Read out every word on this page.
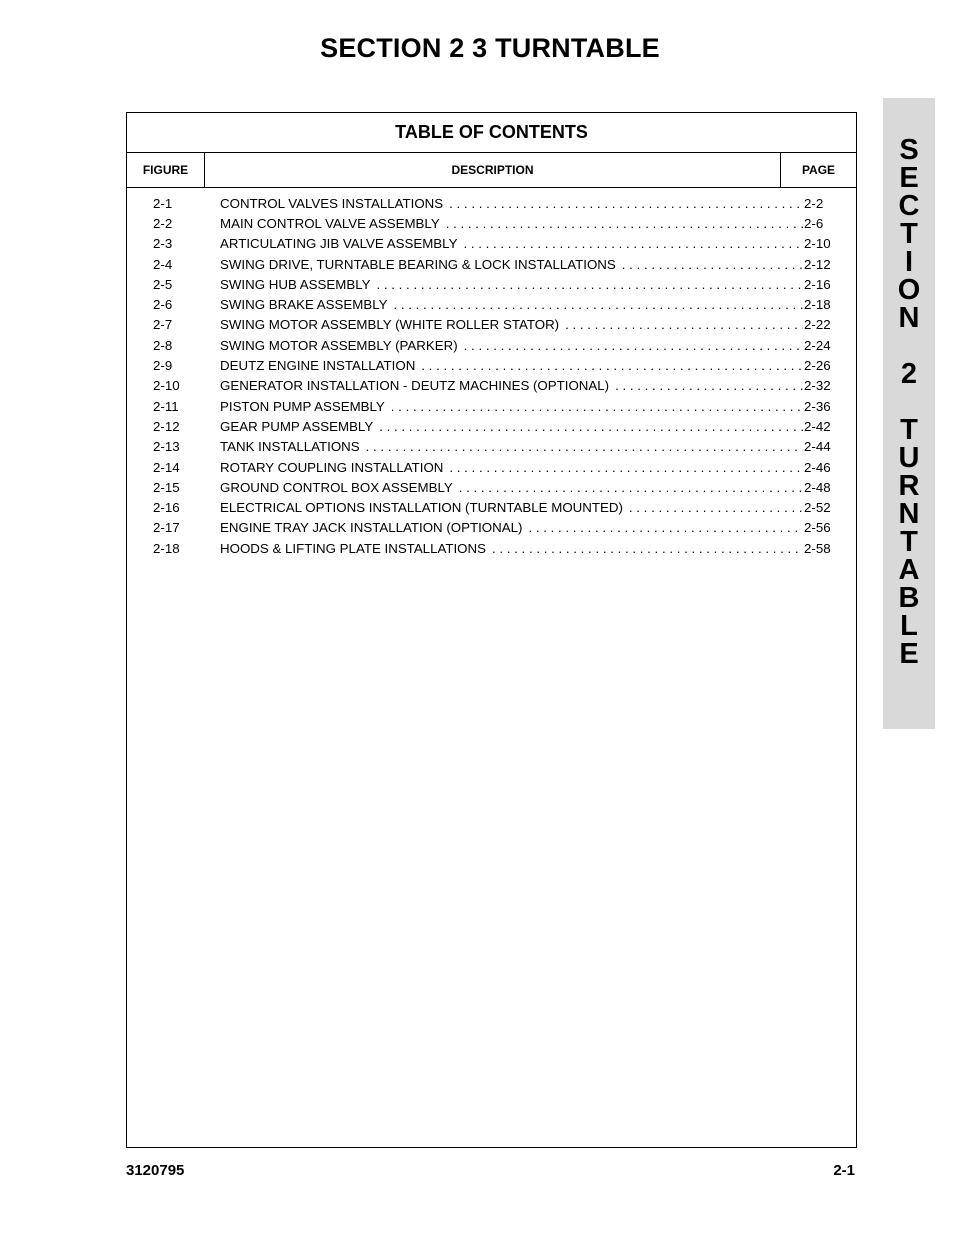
SECTION 2 3 TURNTABLE
TABLE OF CONTENTS
FIGURE	DESCRIPTION	PAGE
2-1	CONTROL VALVES INSTALLATIONS . . .	2-2
2-2	MAIN CONTROL VALVE ASSEMBLY . . .	2-6
2-3	ARTICULATING JIB VALVE ASSEMBLY . . .	2-10
2-4	SWING DRIVE, TURNTABLE BEARING & LOCK INSTALLATIONS . . .	2-12
2-5	SWING HUB ASSEMBLY . . .	2-16
2-6	SWING BRAKE ASSEMBLY . . .	2-18
2-7	SWING MOTOR ASSEMBLY (WHITE ROLLER STATOR) . . .	2-22
2-8	SWING MOTOR ASSEMBLY (PARKER) . . .	2-24
2-9	DEUTZ ENGINE INSTALLATION . . .	2-26
2-10	GENERATOR INSTALLATION - DEUTZ MACHINES (OPTIONAL) . . .	2-32
2-11	PISTON PUMP ASSEMBLY . . .	2-36
2-12	GEAR PUMP ASSEMBLY . . .	2-42
2-13	TANK INSTALLATIONS . . .	2-44
2-14	ROTARY COUPLING INSTALLATION . . .	2-46
2-15	GROUND CONTROL BOX ASSEMBLY . . .	2-48
2-16	ELECTRICAL OPTIONS INSTALLATION (TURNTABLE MOUNTED) . . .	2-52
2-17	ENGINE TRAY JACK INSTALLATION (OPTIONAL) . . .	2-56
2-18	HOODS & LIFTING PLATE INSTALLATIONS . . .	2-58
S
E
C
T
I
O
N
2
T
U
R
N
T
A
B
L
E
3120795	2-1
